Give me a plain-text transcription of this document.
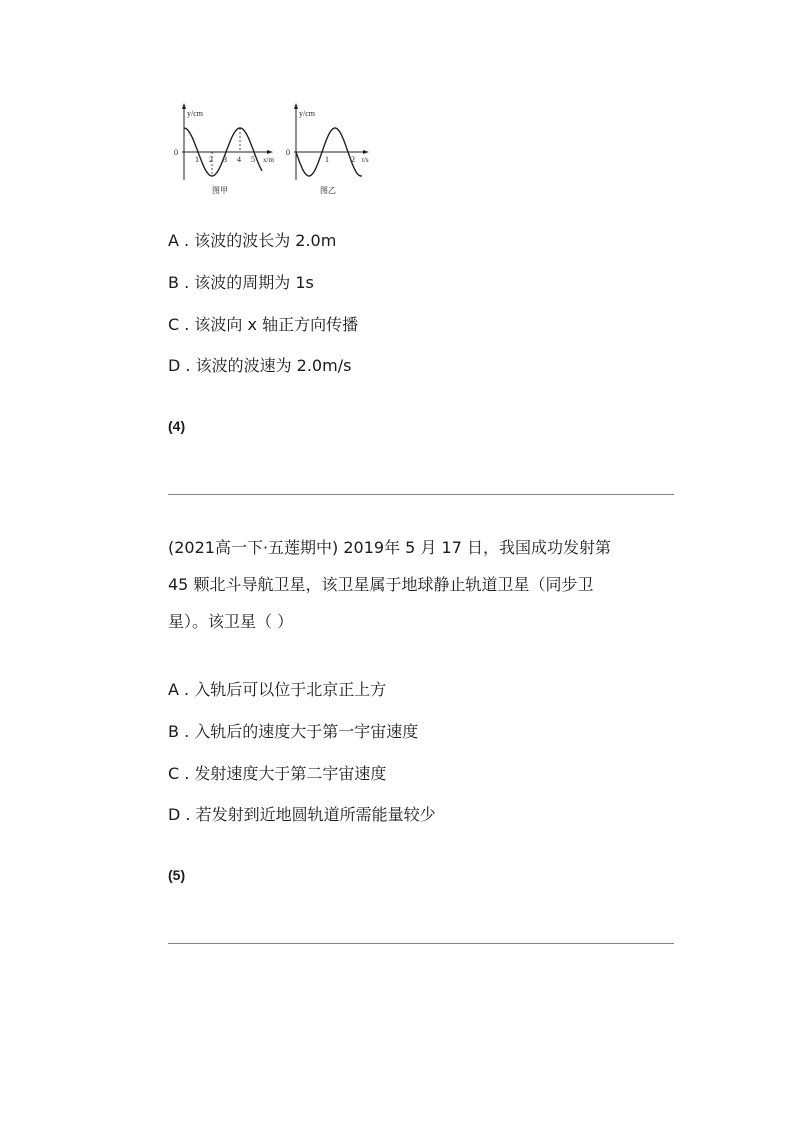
y/cm
0
1 2 3 4 5 x/m
图甲
y/cm
0
1	2 t/s
图乙
A . 该波的波长为 2.0m
B . 该波的周期为 1s
C . 该波向 x 轴正方向传播
D . 该波的波速为 2.0m/s
(4)
(2021高一下·五莲期中) 2019年 5 月 17 日，我国成功发射第
45 颗北斗导航卫星，该卫星属于地球静止轨道卫星（同步卫
星）。该卫星（ ）
A . 入轨后可以位于北京正上方
B . 入轨后的速度大于第一宇宙速度
C . 发射速度大于第二宇宙速度
D . 若发射到近地圆轨道所需能量较少
(5)
